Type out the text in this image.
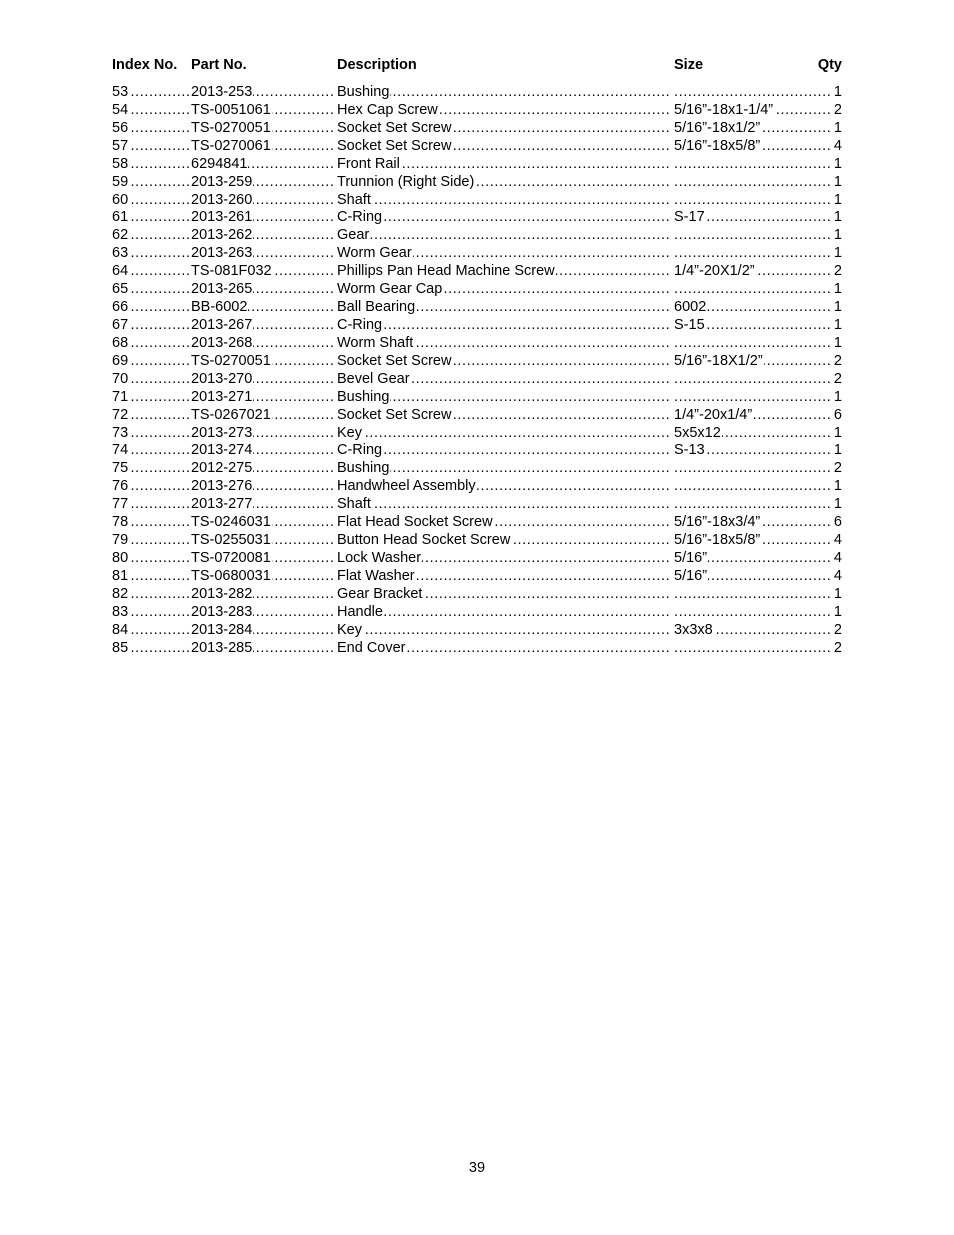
Index No. Part No.	Description	Size	Qty
53 .....	2013-253 .....	Bushing ..... .....	1
54 .....	TS-0051061 .....	Hex Cap Screw .....	5/16”-18x1-1/4” .....	2
56 .....	TS-0270051 .....	Socket Set Screw .....	5/16”-18x1/2” .....	1
57 .....	TS-0270061 .....	Socket Set Screw .....	5/16”-18x5/8” .....	4
58 .....	6294841 .....	Front Rail ..... .....	1
59 .....	2013-259 .....	Trunnion (Right Side) ..... .....	1
60 .....	2013-260 .....	Shaft ..... .....	1
61 .....	2013-261 .....	C-Ring .....	S-17 .....	1
62 .....	2013-262 .....	Gear ..... .....	1
63 .....	2013-263 .....	Worm Gear ..... .....	1
64 .....	TS-081F032 .....	Phillips Pan Head Machine Screw .....	1/4”-20X1/2” .....	2
65 .....	2013-265 .....	Worm Gear Cap ..... .....	1
66 .....	BB-6002 .....	Ball Bearing .....	6002 .....	1
67 .....	2013-267 .....	C-Ring .....	S-15 .....	1
68 .....	2013-268 .....	Worm Shaft ..... .....	1
69 .....	TS-0270051 .....	Socket Set Screw .....	5/16”-18X1/2” .....	2
70 .....	2013-270 .....	Bevel Gear ..... .....	2
71 .....	2013-271 .....	Bushing ..... .....	1
72 .....	TS-0267021 .....	Socket Set Screw .....	1/4”-20x1/4” .....	6
73 .....	2013-273 .....	Key .....	5x5x12 .....	1
74 .....	2013-274 .....	C-Ring .....	S-13 .....	1
75 .....	2012-275 .....	Bushing ..... .....	2
76 .....	2013-276 .....	Handwheel Assembly ..... .....	1
77 .....	2013-277 .....	Shaft ..... .....	1
78 .....	TS-0246031 .....	Flat Head Socket Screw .....	5/16”-18x3/4” .....	6
79 .....	TS-0255031 .....	Button Head Socket Screw .....	5/16”-18x5/8” .....	4
80 .....	TS-0720081 .....	Lock Washer .....	5/16” .....	4
81 .....	TS-0680031 .....	Flat Washer .....	5/16” .....	4
82 .....	2013-282 .....	Gear Bracket ..... .....	1
83 .....	2013-283 .....	Handle ..... .....	1
84 .....	2013-284 .....	Key .....	3x3x8 .....	2
85 .....	2013-285 .....	End Cover ..... .....	2
39
